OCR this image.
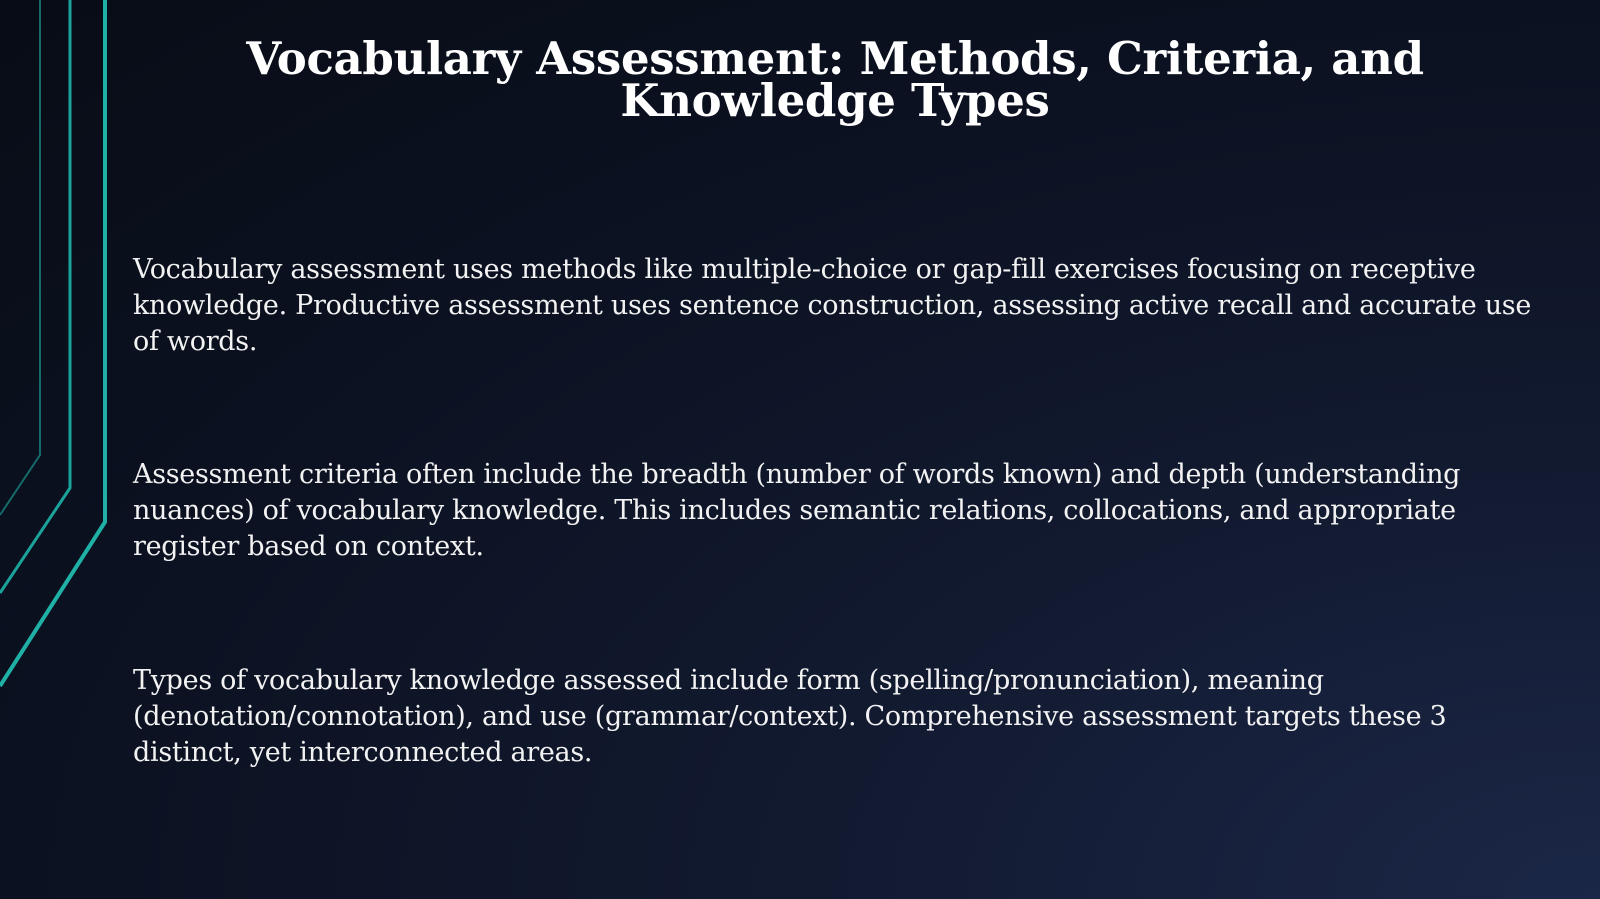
Vocabulary Assessment: Methods, Criteria, and Knowledge Types

Vocabulary assessment uses methods like multiple-choice or gap-fill exercises focusing on receptive knowledge. Productive assessment uses sentence construction, assessing active recall and accurate use of words.

Assessment criteria often include the breadth (number of words known) and depth (understanding nuances) of vocabulary knowledge. This includes semantic relations, collocations, and appropriate register based on context.

Types of vocabulary knowledge assessed include form (spelling/pronunciation), meaning (denotation/connotation), and use (grammar/context). Comprehensive assessment targets these 3 distinct, yet interconnected areas.
